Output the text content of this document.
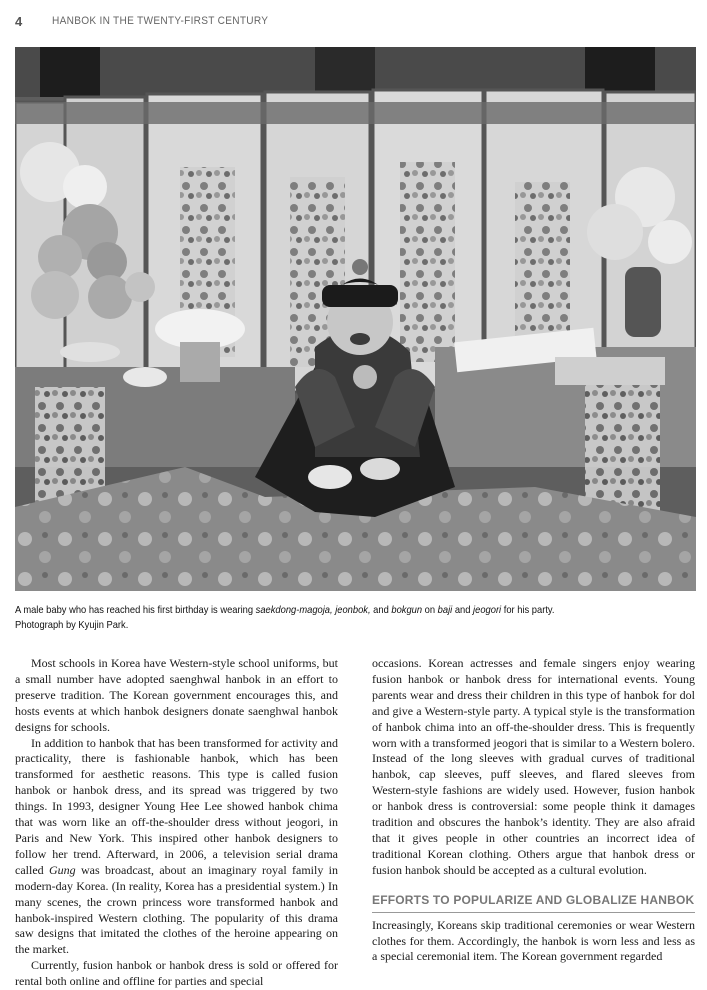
4	HANBOK IN THE TWENTY-FIRST CENTURY
A male baby who has reached his first birthday is wearing saekdong-magoja, jeonbok, and bokgun on baji and jeogori for his party.
Photograph by Kyujin Park.

Most schools in Korea have Western-style school uniforms, but a small number have adopted saenghwal hanbok in an effort to preserve tradition. The Korean government encourages this, and hosts events at which hanbok designers donate saenghwal hanbok designs for schools.

In addition to hanbok that has been transformed for activity and practicality, there is fashionable hanbok, which has been transformed for aesthetic reasons. This type is called fusion hanbok or hanbok dress, and its spread was triggered by two things. In 1993, designer Young Hee Lee showed hanbok chima that was worn like an off-the-shoulder dress without jeogori, in Paris and New York. This inspired other hanbok designers to follow her trend. Afterward, in 2006, a television serial drama called Gung was broadcast, about an imaginary royal family in modern-day Korea. (In reality, Korea has a presidential system.) In many scenes, the crown princess wore transformed hanbok and hanbok-inspired Western clothing. The popularity of this drama saw designs that imitated the clothes of the heroine appearing on the market.

Currently, fusion hanbok or hanbok dress is sold or offered for rental both online and offline for parties and special

occasions. Korean actresses and female singers enjoy wearing fusion hanbok or hanbok dress for international events. Young parents wear and dress their children in this type of hanbok for dol and give a Western-style party. A typical style is the transformation of hanbok chima into an off-the-shoulder dress. This is frequently worn with a transformed jeogori that is similar to a Western bolero. Instead of the long sleeves with gradual curves of traditional hanbok, cap sleeves, puff sleeves, and flared sleeves from Western-style fashions are widely used. However, fusion hanbok or hanbok dress is controversial: some people think it damages tradition and obscures the hanbok’s identity. They are also afraid that it gives people in other countries an incorrect idea of traditional Korean clothing. Others argue that hanbok dress or fusion hanbok should be accepted as a cultural evolution.

EFFORTS TO POPULARIZE AND GLOBALIZE HANBOK

Increasingly, Koreans skip traditional ceremonies or wear Western clothes for them. Accordingly, the hanbok is worn less and less as a special ceremonial item. The Korean government regarded
